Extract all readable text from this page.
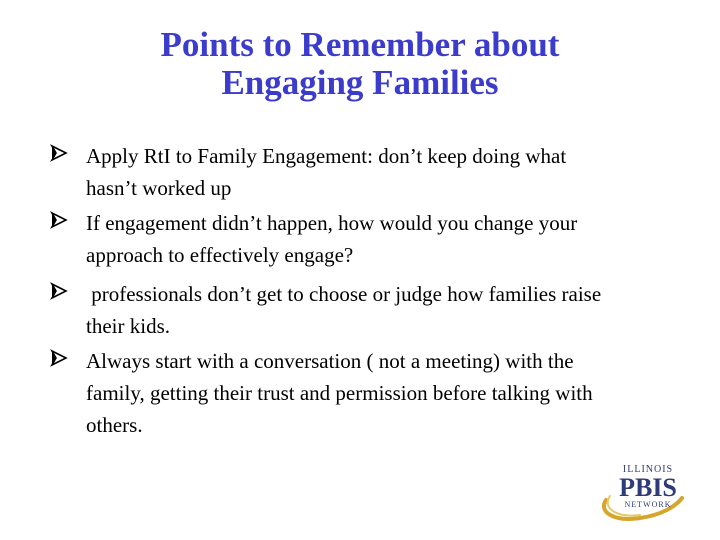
Points to Remember about
Engaging Families
Apply RtI to Family Engagement: don’t keep doing what
hasn’t worked up
If engagement didn’t happen, how would you change your
approach to effectively engage?
professionals don’t get to choose or judge how families raise
their kids.
Always start with a conversation ( not a meeting) with the
family, getting their trust and permission before talking with
others.
ILLINOIS
PBIS
NETWORK
